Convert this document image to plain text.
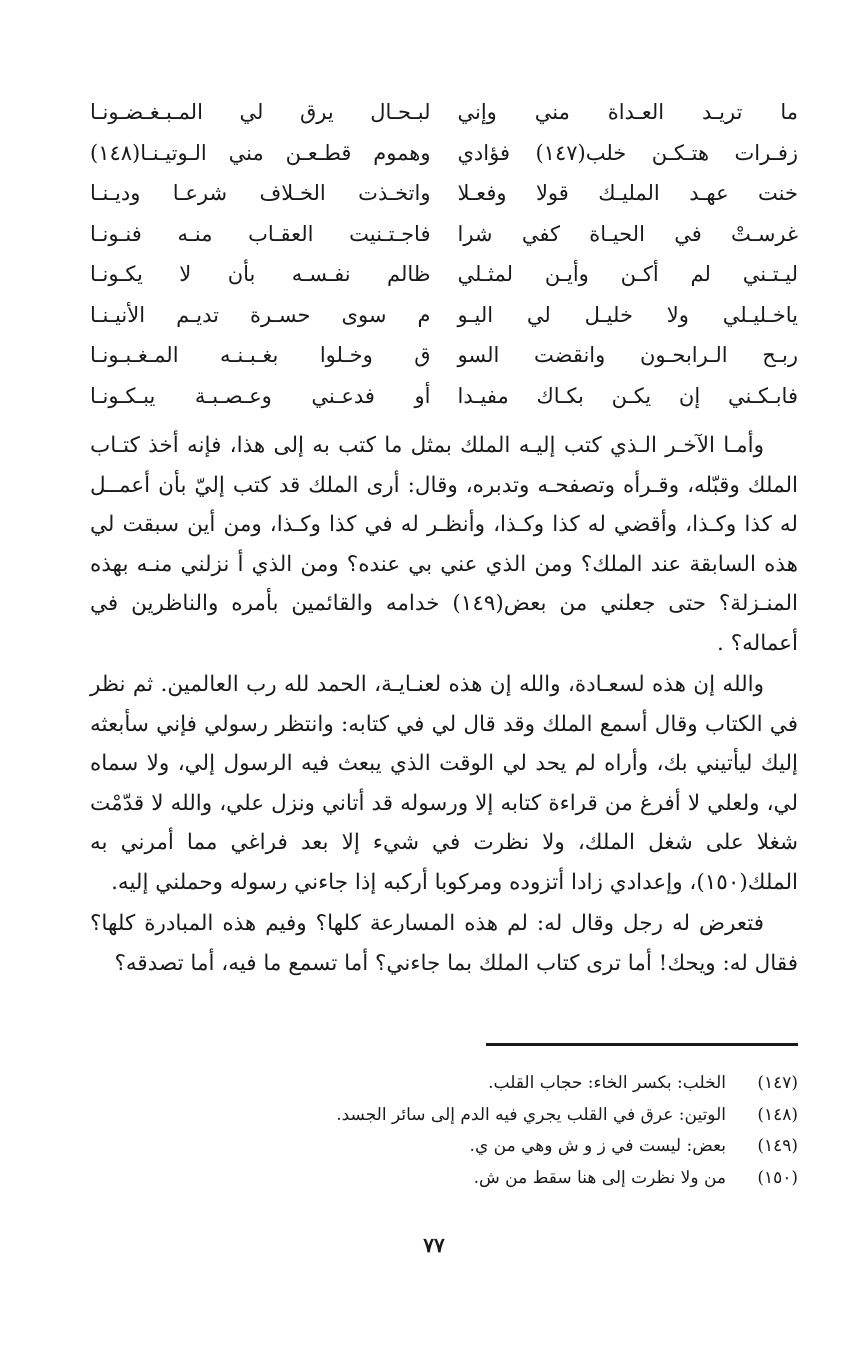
ما تريـد العـداة مني وإني
لبـحـال يرق لي المـبـغـضـونـا
زفـرات هتـكـن خلب(١٤٧) فؤادي
وهموم قطـعـن مني الـوتيـنـا(١٤٨)
خنت عهـد المليـك قولا وفعـلا
واتخـذت الخـلاف شرعـا وديـنـا
غرسـتْ في الحيـاة كفي شرا
فاجـتـنيت العقـاب منـه فنـونـا
ليـتـني لم أكـن وأيـن لمثـلي
ظالم نفـسـه بأن لا يكـونـا
ياخـليـلي ولا خليـل لي اليـو
م سوى حسـرة تديـم الأنيـنـا
ربـح الـرابحـون وانقضت السو
ق وخـلوا بغـبـنـه المـغـبـونـا
فابـكـني إن يكـن بكـاك مفيـدا
أو فدعـني وعـصـبـة يبـكـونـا

وأمـا الآخـر الـذي كتب إليـه الملك بمثل ما كتب به إلى هذا، فإنه أخذ كتـاب الملك وقبّله، وقـرأه وتصفحـه وتدبره، وقال: أرى الملك قد كتب إليّ بأن أعمــل له كذا وكـذا، وأقضي له كذا وكـذا، وأنظـر له في كذا وكـذا، ومن أين سبقت لي هذه السابقة عند الملك؟ ومن الذي عني بي عنده؟ ومن الذي أ نزلني منـه بهذه المنـزلة؟ حتى جعلني من بعض(١٤٩) خدامه والقائمين بأمره والناظرين في أعماله؟ .

والله إن هذه لسعـادة، والله إن هذه لعنـايـة، الحمد لله رب العالمين. ثم نظر في الكتاب وقال أسمع الملك وقد قال لي في كتابه: وانتظر رسولي فإني سأبعثه إليك ليأتيني بك، وأراه لم يحد لي الوقت الذي يبعث فيه الرسول إلي، ولا سماه لي، ولعلي لا أفرغ من قراءة كتابه إلا ورسوله قد أتاني ونزل علي، والله لا قدّمْت شغلا على شغل الملك، ولا نظرت في شيء إلا بعد فراغي مما أمرني به الملك(١٥٠)، وإعدادي زادا أتزوده ومركوبا أركبه إذا جاءني رسوله وحملني إليه.

فتعرض له رجل وقال له: لم هذه المسارعة كلها؟ وفيم هذه المبادرة كلها؟ فقال له: ويحك! أما ترى كتاب الملك بما جاءني؟ أما تسمع ما فيه، أما تصدقه؟

(١٤٧)
الخلب: بكسر الخاء: حجاب القلب.
(١٤٨)
الوتين: عرق في القلب يجري فيه الدم إلى سائر الجسد.
(١٤٩)
بعض: ليست في ز و ش وهي من ي.
(١٥٠)
من ولا نظرت إلى هنا سقط من ش.
٧٧
